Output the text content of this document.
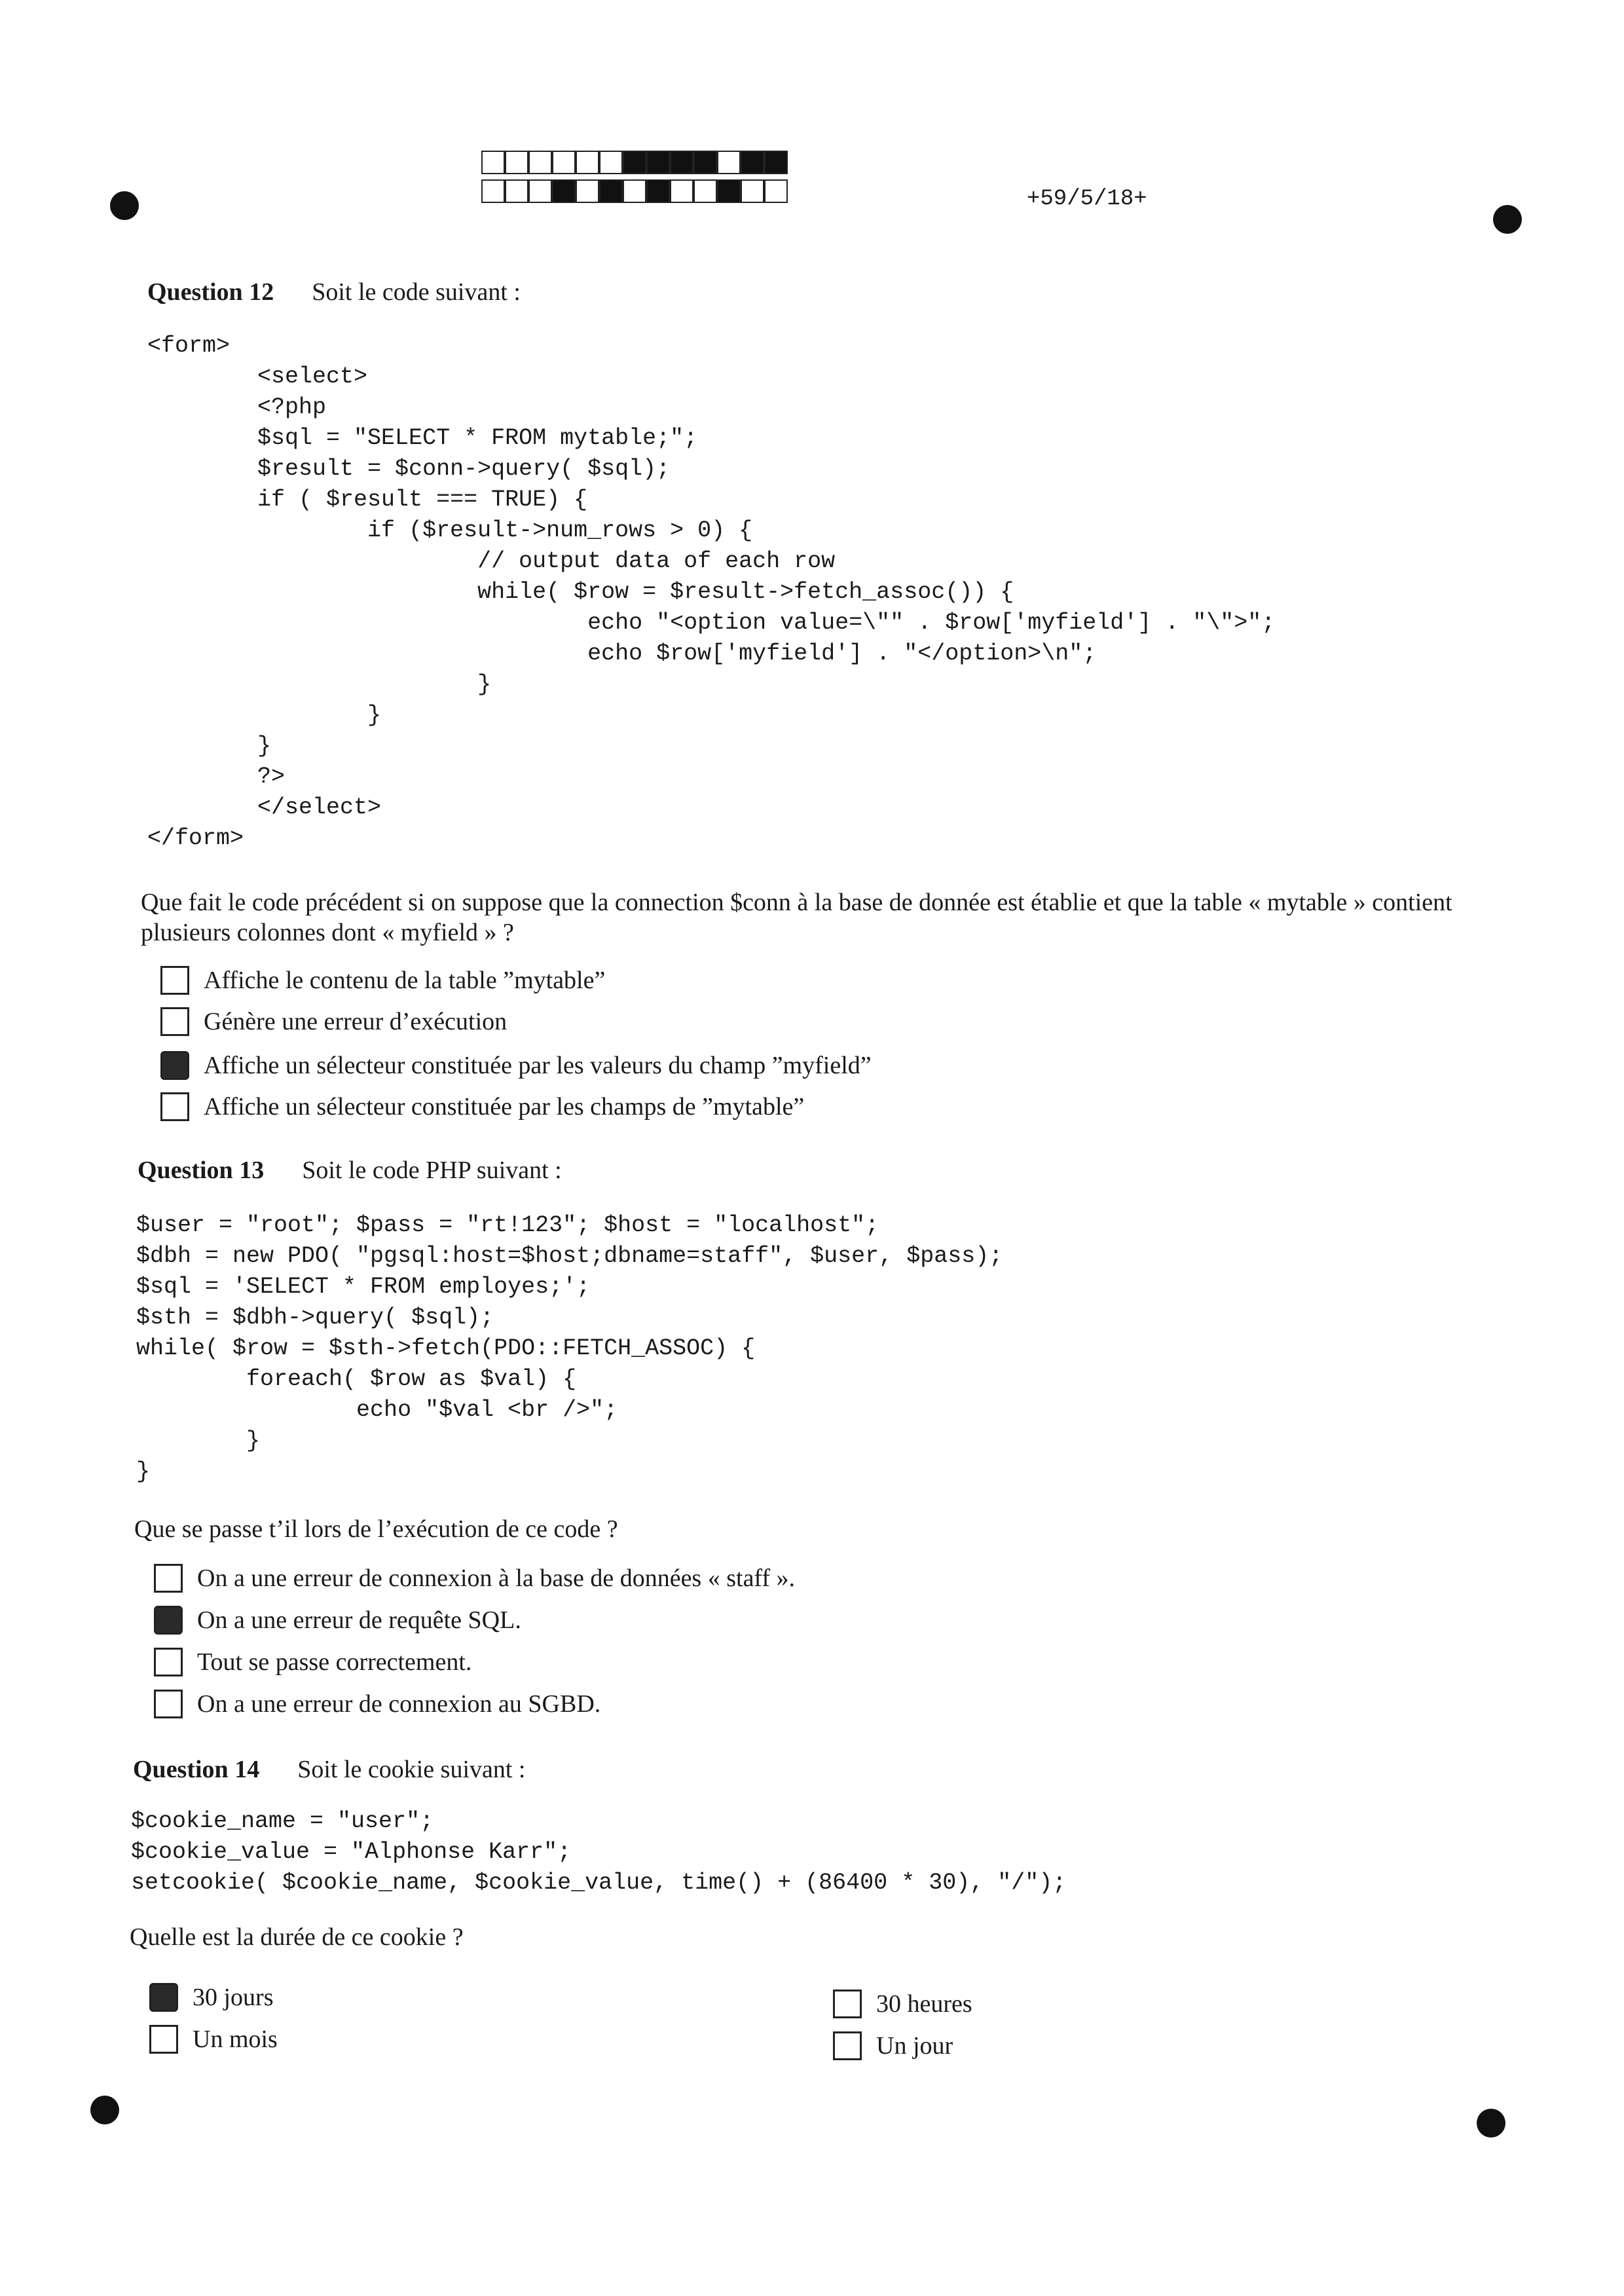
+59/5/18+
Question 12 Soit le code suivant :
<form>
<select>
<?php
$sql = "SELECT * FROM mytable;";
$result = $conn->query( $sql);
if ( $result === TRUE) {
if ($result->num_rows > 0) {
// output data of each row
while( $row = $result->fetch_assoc()) {
echo "<option value=\"" . $row['myfield'] . "\">";
echo $row['myfield'] . "</option>\n";
}
}
}
?>
</select>
</form>
Que fait le code précédent si on suppose que la connection $conn à la base de donnée est établie et que la table « mytable » contient plusieurs colonnes dont « myfield » ?
Affiche le contenu de la table ”mytable”
Génère une erreur d’exécution
Affiche un sélecteur constituée par les valeurs du champ ”myfield”
Affiche un sélecteur constituée par les champs de ”mytable”
Question 13 Soit le code PHP suivant :
$user = "root"; $pass = "rt!123"; $host = "localhost";
$dbh = new PDO( "pgsql:host=$host;dbname=staff", $user, $pass);
$sql = 'SELECT * FROM employes;';
$sth = $dbh->query( $sql);
while( $row = $sth->fetch(PDO::FETCH_ASSOC) {
foreach( $row as $val) {
echo "$val <br />";
}
}
Que se passe t’il lors de l’exécution de ce code ?
On a une erreur de connexion à la base de données « staff ».
On a une erreur de requête SQL.
Tout se passe correctement.
On a une erreur de connexion au SGBD.
Question 14 Soit le cookie suivant :
$cookie_name = "user";
$cookie_value = "Alphonse Karr";
setcookie( $cookie_name, $cookie_value, time() + (86400 * 30), "/");
Quelle est la durée de ce cookie ?
30 jours
Un mois
30 heures
Un jour
